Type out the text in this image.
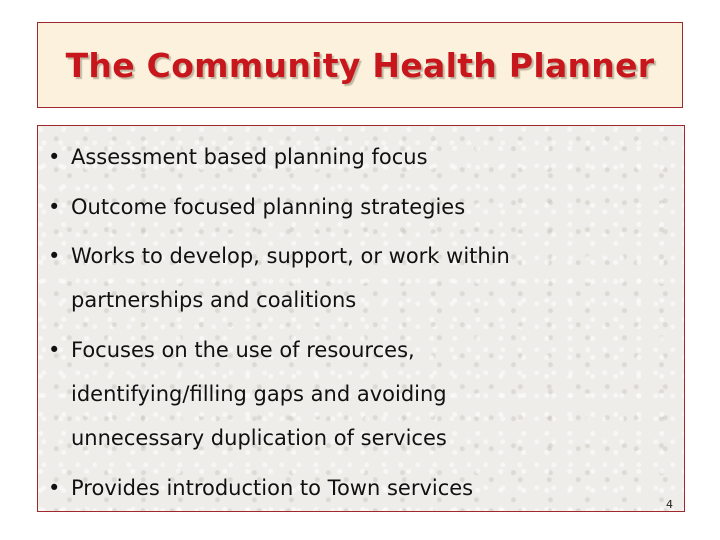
The Community Health Planner
• Assessment based planning focus
• Outcome focused planning strategies
• Works to develop, support, or work within
partnerships and coalitions
• Focuses on the use of resources,
identifying/filling gaps and avoiding
unnecessary duplication of services
• Provides introduction to Town services
4
